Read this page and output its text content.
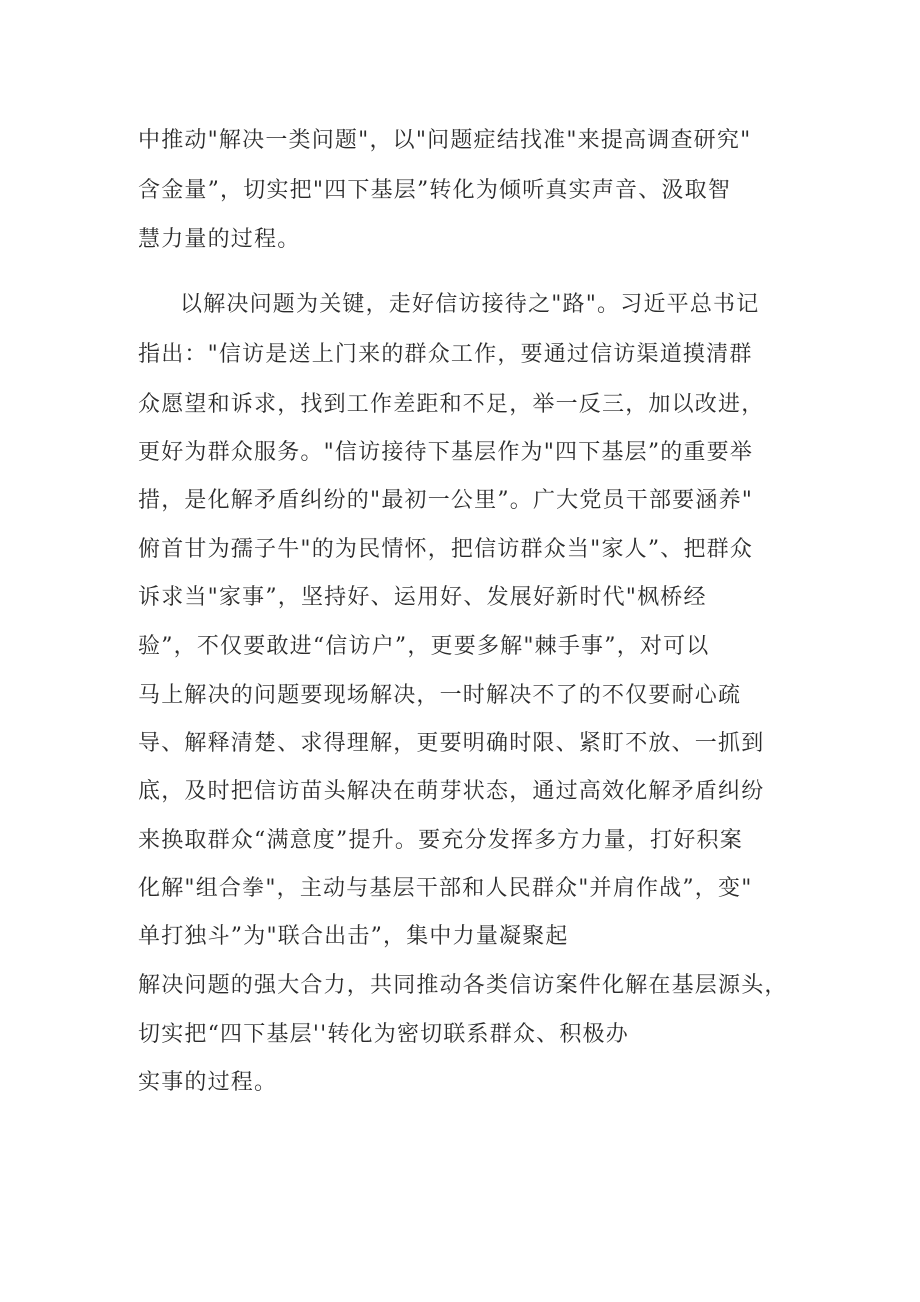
中推动"解决一类问题"，以"问题症结找准"来提高调查研究"
含金量”，切实把"四下基层”转化为倾听真实声音、汲取智
慧力量的过程。
以解决问题为关键，走好信访接待之"路"。习近平总书记
指出："信访是送上门来的群众工作，要通过信访渠道摸清群
众愿望和诉求，找到工作差距和不足，举一反三，加以改进，
更好为群众服务。"信访接待下基层作为"四下基层”的重要举
措，是化解矛盾纠纷的"最初一公里”。广大党员干部要涵养"
俯首甘为孺子牛"的为民情怀，把信访群众当"家人”、把群众
诉求当"家事”，坚持好、运用好、发展好新时代"枫桥经
验”，不仅要敢进“信访户”，更要多解"棘手事”，对可以
马上解决的问题要现场解决，一时解决不了的不仅要耐心疏
导、解释清楚、求得理解，更要明确时限、紧盯不放、一抓到
底，及时把信访苗头解决在萌芽状态，通过高效化解矛盾纠纷
来换取群众“满意度”提升。要充分发挥多方力量，打好积案
化解"组合拳"，主动与基层干部和人民群众"并肩作战”，变"
单打独斗”为"联合出击”，集中力量凝聚起
解决问题的强大合力，共同推动各类信访案件化解在基层源头，
切实把“四下基层''转化为密切联系群众、积极办
实事的过程。
